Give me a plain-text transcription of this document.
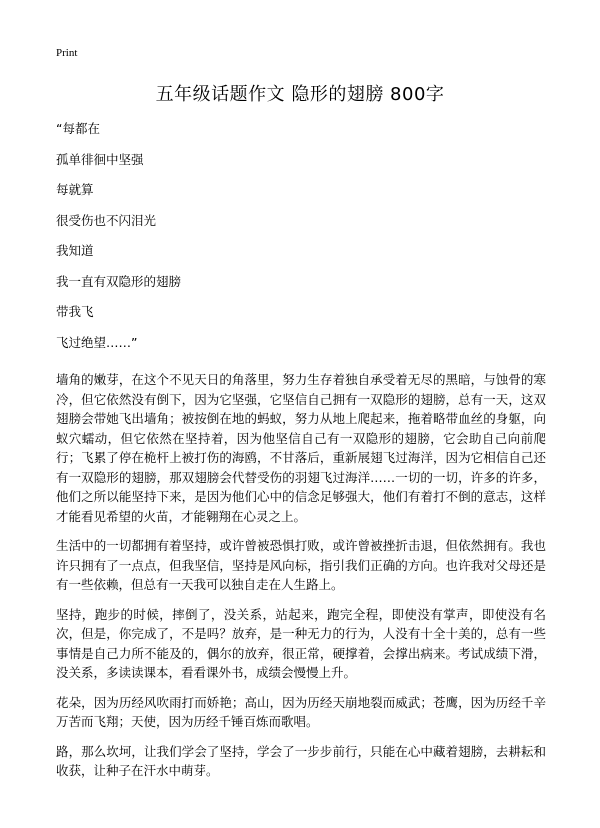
Print
五年级话题作文 隐形的翅膀 800字
“每都在
孤单徘徊中坚强
每就算
很受伤也不闪泪光
我知道
我一直有双隐形的翅膀
带我飞
飞过绝望……”

墙角的嫩芽，在这个不见天日的角落里，努力生存着独自承受着无尽的黑暗，与蚀骨的寒冷，但它依然没有倒下，因为它坚强，它坚信自己拥有一双隐形的翅膀，总有一天，这双翅膀会带她飞出墙角；被按倒在地的蚂蚁，努力从地上爬起来，拖着略带血丝的身躯，向蚁穴蠕动，但它依然在坚持着，因为他坚信自己有一双隐形的翅膀，它会助自己向前爬行；飞累了停在桅杆上被打伤的海鸥，不甘落后，重新展翅飞过海洋，因为它相信自己还有一双隐形的翅膀，那双翅膀会代替受伤的羽翅飞过海洋……一切的一切，许多的许多，他们之所以能坚持下来，是因为他们心中的信念足够强大，他们有着打不倒的意志，这样才能看见希望的火苗，才能翱翔在心灵之上。

生活中的一切都拥有着坚持，或许曾被恐惧打败，或许曾被挫折击退，但依然拥有。我也许只拥有了一点点，但我坚信，坚持是风向标，指引我们正确的方向。也许我对父母还是有一些依赖，但总有一天我可以独自走在人生路上。

坚持，跑步的时候，摔倒了，没关系，站起来，跑完全程，即使没有掌声，即使没有名次，但是，你完成了，不是吗？放弃，是一种无力的行为，人没有十全十美的，总有一些事情是自己力所不能及的，偶尔的放弃，很正常，硬撑着，会撑出病来。考试成绩下滑，没关系，多读读课本，看看课外书，成绩会慢慢上升。

花朵，因为历经风吹雨打而娇艳；高山，因为历经天崩地裂而威武；苍鹰，因为历经千辛万苦而飞翔；天使，因为历经千锤百炼而歌唱。

路，那么坎坷，让我们学会了坚持，学会了一步步前行，只能在心中藏着翅膀，去耕耘和收获，让种子在汗水中萌芽。
